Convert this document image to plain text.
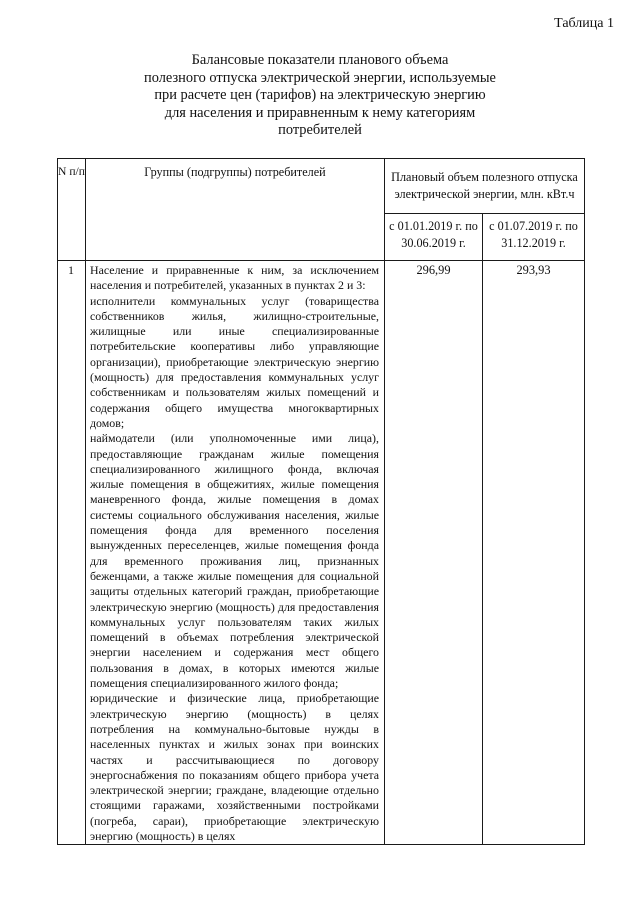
Таблица 1

Балансовые показатели планового объема
полезного отпуска электрической энергии, используемые
при расчете цен (тарифов) на электрическую энергию
для населения и приравненным к нему категориям
потребителей
N п/п	Группы (подгруппы) потребителей	Плановый объем полезного отпуска электрической энергии, млн. кВт.ч	
		с 01.01.2019 г. по 30.06.2019 г.	с 01.07.2019 г. по 31.12.2019 г.
1	Население и приравненные к ним, за исключением населения и потребителей, указанных в пунктах 2 и 3:
исполнители коммунальных услуг (товарищества собственников жилья, жилищно-строительные, жилищные или иные специализированные потребительские кооперативы либо управляющие организации), приобретающие электрическую энергию (мощность) для предоставления коммунальных услуг собственникам и пользователям жилых помещений и содержания общего имущества многоквартирных домов;
наймодатели (или уполномоченные ими лица), предоставляющие гражданам жилые помещения специализированного жилищного фонда, включая жилые помещения в общежитиях, жилые помещения маневренного фонда, жилые помещения в домах системы социального обслуживания населения, жилые помещения фонда для временного поселения вынужденных переселенцев, жилые помещения фонда для временного проживания лиц, признанных беженцами, а также жилые помещения для социальной защиты отдельных категорий граждан, приобретающие электрическую энергию (мощность) для предоставления коммунальных услуг пользователям таких жилых помещений в объемах потребления электрической энергии населением и содержания мест общего пользования в домах, в которых имеются жилые помещения специализированного жилого фонда;
юридические и физические лица, приобретающие электрическую энергию (мощность) в целях потребления на коммунально-бытовые нужды в населенных пунктах и жилых зонах при воинских частях и рассчитывающиеся по договору энергоснабжения по показаниям общего прибора учета электрической энергии; граждане, владеющие отдельно стоящими гаражами, хозяйственными постройками (погреба, сараи), приобретающие электрическую энергию (мощность) в целях	296,99	293,93
